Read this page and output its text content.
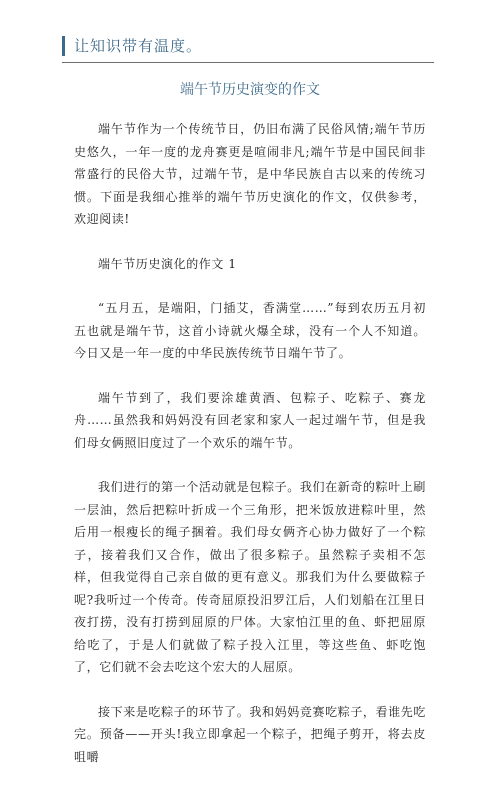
让知识带有温度。
端午节历史演变的作文

端午节作为一个传统节日，仍旧布满了民俗风情;端午节历史悠久，一年一度的龙舟赛更是喧闹非凡;端午节是中国民间非常盛行的民俗大节，过端午节，是中华民族自古以来的传统习惯。下面是我细心推举的端午节历史演化的作文，仅供参考，欢迎阅读!

端午节历史演化的作文 1

“五月五，是端阳，门插艾，香满堂……”每到农历五月初五也就是端午节，这首小诗就火爆全球，没有一个人不知道。今日又是一年一度的中华民族传统节日端午节了。

端午节到了，我们要涂雄黄酒、包粽子、吃粽子、赛龙舟……虽然我和妈妈没有回老家和家人一起过端午节，但是我们母女俩照旧度过了一个欢乐的端午节。

我们进行的第一个活动就是包粽子。我们在新奇的粽叶上刷一层油，然后把粽叶折成一个三角形，把米饭放进粽叶里，然后用一根瘦长的绳子捆着。我们母女俩齐心协力做好了一个粽子，接着我们又合作，做出了很多粽子。虽然粽子卖相不怎样，但我觉得自己亲自做的更有意义。那我们为什么要做粽子呢?我听过一个传奇。传奇屈原投汨罗江后，人们划船在江里日夜打捞，没有打捞到屈原的尸体。大家怕江里的鱼、虾把屈原给吃了，于是人们就做了粽子投入江里，等这些鱼、虾吃饱了，它们就不会去吃这个宏大的人屈原。

接下来是吃粽子的环节了。我和妈妈竞赛吃粽子，看谁先吃完。预备——开头!我立即拿起一个粽子，把绳子剪开，将去皮咀嚼
